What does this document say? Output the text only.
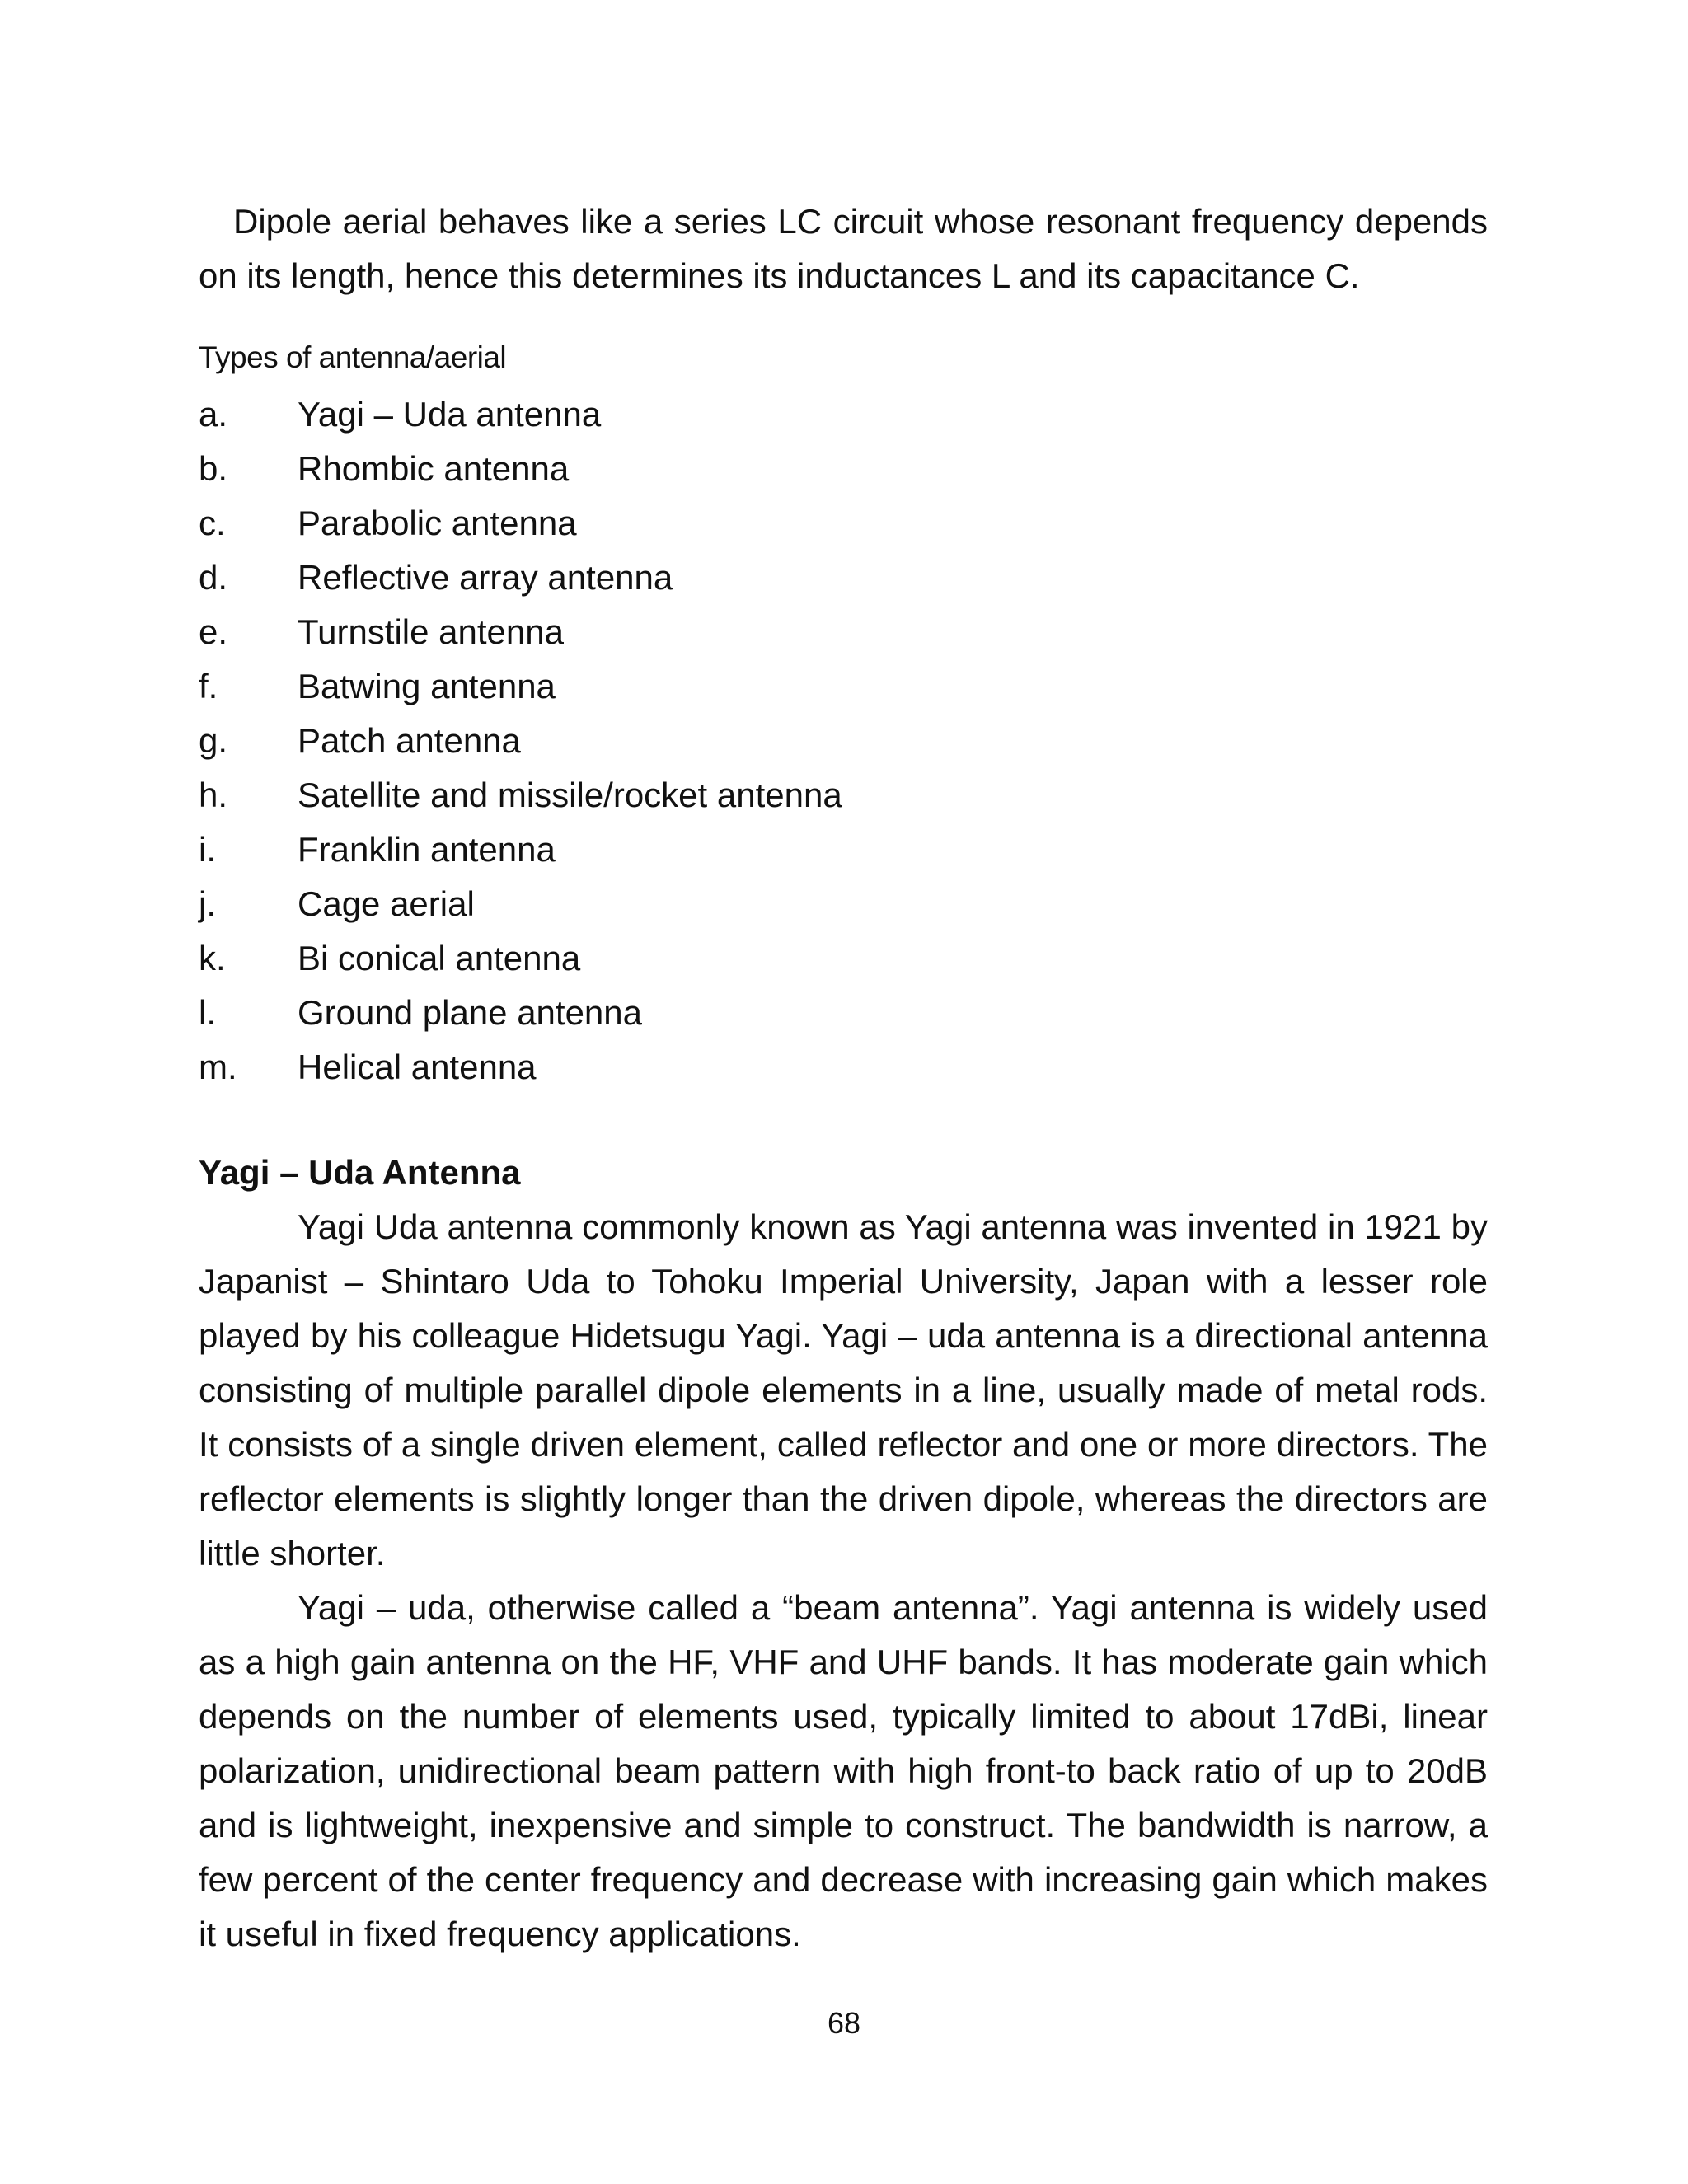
Dipole aerial behaves like a series LC circuit whose resonant frequency depends on its length, hence this determines its inductances L and its capacitance C.

Types of antenna/aerial
a.	Yagi – Uda antenna
b.	Rhombic antenna
c.	Parabolic antenna
d.	Reflective array antenna
e.	Turnstile antenna
f.	Batwing antenna
g.	Patch antenna
h.	Satellite and missile/rocket antenna
i.	Franklin antenna
j.	Cage aerial
k.	Bi conical antenna
l.	Ground plane antenna
m.	Helical antenna
Yagi – Uda Antenna

Yagi Uda antenna commonly known as Yagi antenna was invented in 1921 by Japanist – Shintaro Uda to Tohoku Imperial University, Japan with a lesser role played by his colleague Hidetsugu Yagi. Yagi – uda antenna is a directional antenna consisting of multiple parallel dipole elements in a line, usually made of metal rods. It consists of a single driven element, called reflector and one or more directors. The reflector elements is slightly longer than the driven dipole, whereas the directors are little shorter.

Yagi – uda, otherwise called a “beam antenna”. Yagi antenna is widely used as a high gain antenna on the HF, VHF and UHF bands. It has moderate gain which depends on the number of elements used, typically limited to about 17dBi, linear polarization, unidirectional beam pattern with high front-to back ratio of up to 20dB and is lightweight, inexpensive and simple to construct. The bandwidth is narrow, a few percent of the center frequency and decrease with increasing gain which makes it useful in fixed frequency applications.

68
